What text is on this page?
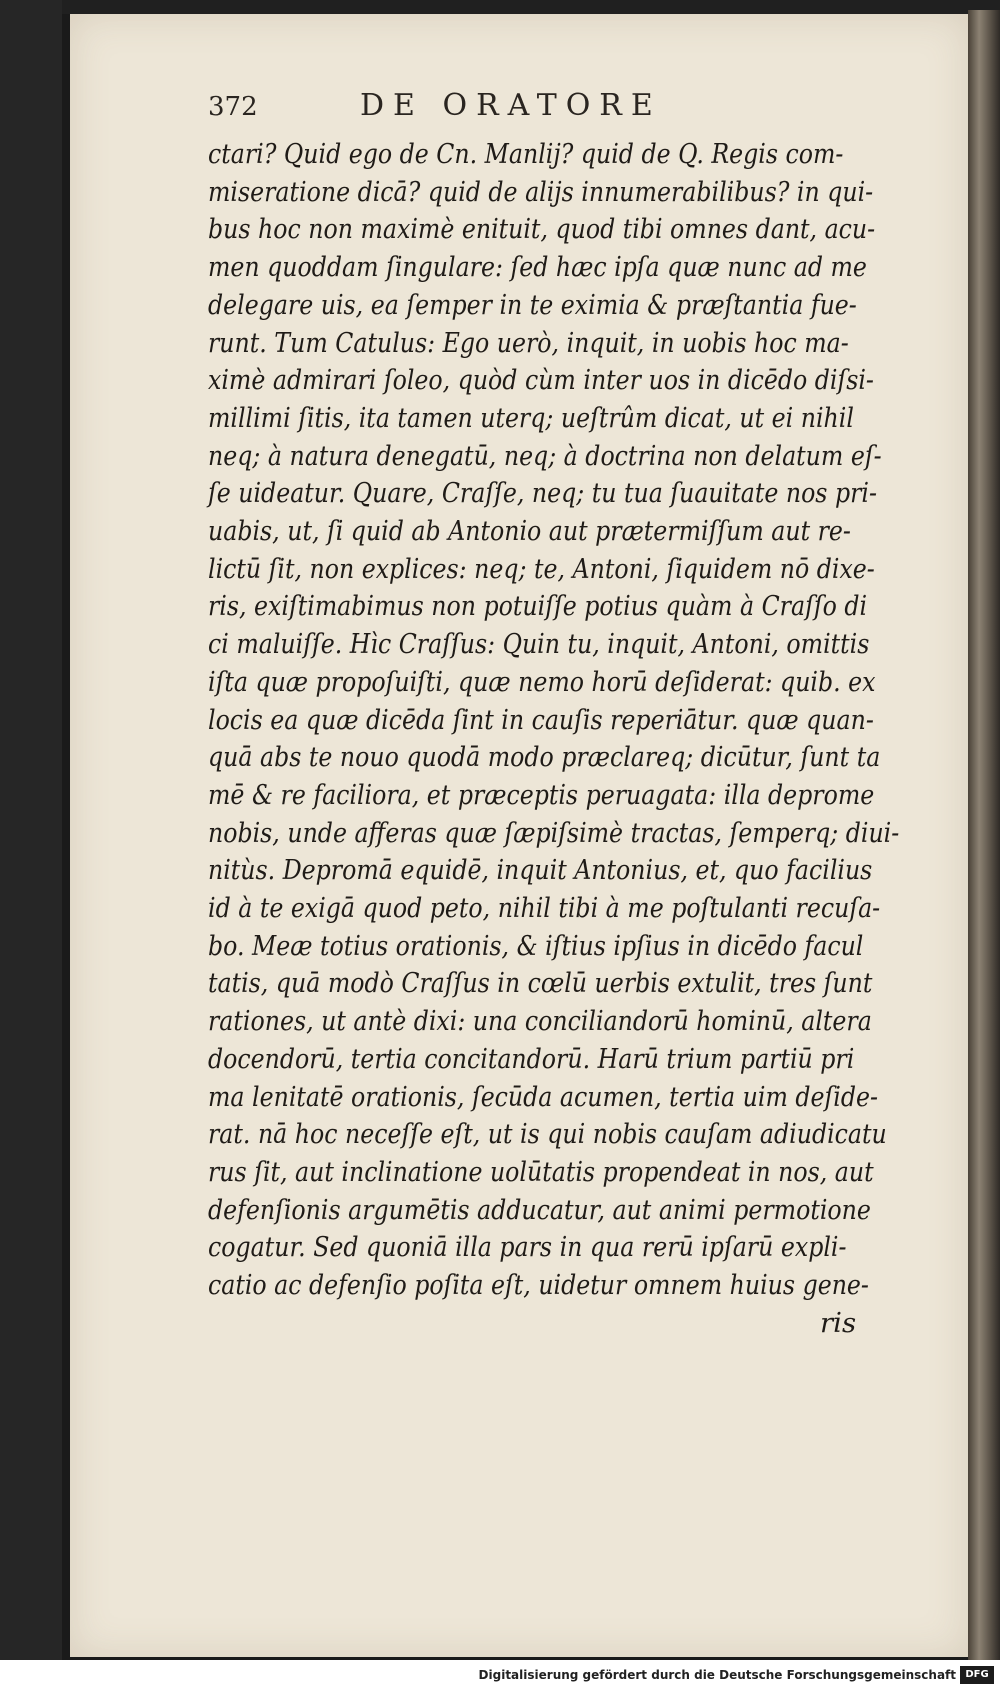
372	DE ORATORE
ctari? Quid ego de Cn. Manlij? quid de Q. Regis com-
miseratione dicā? quid de alijs innumerabilibus? in qui-
bus hoc non maximè enituit, quod tibi omnes dant, acu-
men quoddam ſingulare: ſed hæc ipſa quæ nunc ad me
delegare uis, ea ſemper in te eximia & præſtantia fue-
runt. Tum Catulus: Ego uerò, inquit, in uobis hoc ma-
ximè admirari ſoleo, quòd cùm inter uos in dicēdo diſsi-
millimi ſitis, ita tamen uterq; ueſtrûm dicat, ut ei nihil
neq; à natura denegatū, neq; à doctrina non delatum eſ-
ſe uideatur. Quare, Craſſe, neq; tu tua ſuauitate nos pri-
uabis, ut, ſi quid ab Antonio aut prætermiſſum aut re-
lictū ſit, non explices: neq; te, Antoni, ſiquidem nō dixe-
ris, exiſtimabimus non potuiſſe potius quàm à Craſſo di
ci maluiſſe. Hìc Craſſus: Quin tu, inquit, Antoni, omittis
iſta quæ propoſuiſti, quæ nemo horū deſiderat: quib. ex
locis ea quæ dicēda ſint in cauſis reperiātur. quæ quan-
quā abs te nouo quodā modo præclareq; dicūtur, ſunt ta
mē & re faciliora, et præceptis peruagata: illa deprome
nobis, unde afferas quæ ſæpiſsimè tractas, ſemperq; diui-
nitùs. Depromā equidē, inquit Antonius, et, quo facilius
id à te exigā quod peto, nihil tibi à me poſtulanti recuſa-
bo. Meæ totius orationis, & iſtius ipſius in dicēdo facul
tatis, quā modò Craſſus in cœlū uerbis extulit, tres ſunt
rationes, ut antè dixi: una conciliandorū hominū, altera
docendorū, tertia concitandorū. Harū trium partiū pri
ma lenitatē orationis, ſecūda acumen, tertia uim deſide-
rat. nā hoc neceſſe eſt, ut is qui nobis cauſam adiudicatu
rus ſit, aut inclinatione uolūtatis propendeat in nos, aut
defenſionis argumētis adducatur, aut animi permotione
cogatur. Sed quoniā illa pars in qua rerū ipſarū expli-
catio ac defenſio poſita eſt, uidetur omnem huius gene-
ris
Digitalisierung gefördert durch die Deutsche Forschungsgemeinschaft DFG
